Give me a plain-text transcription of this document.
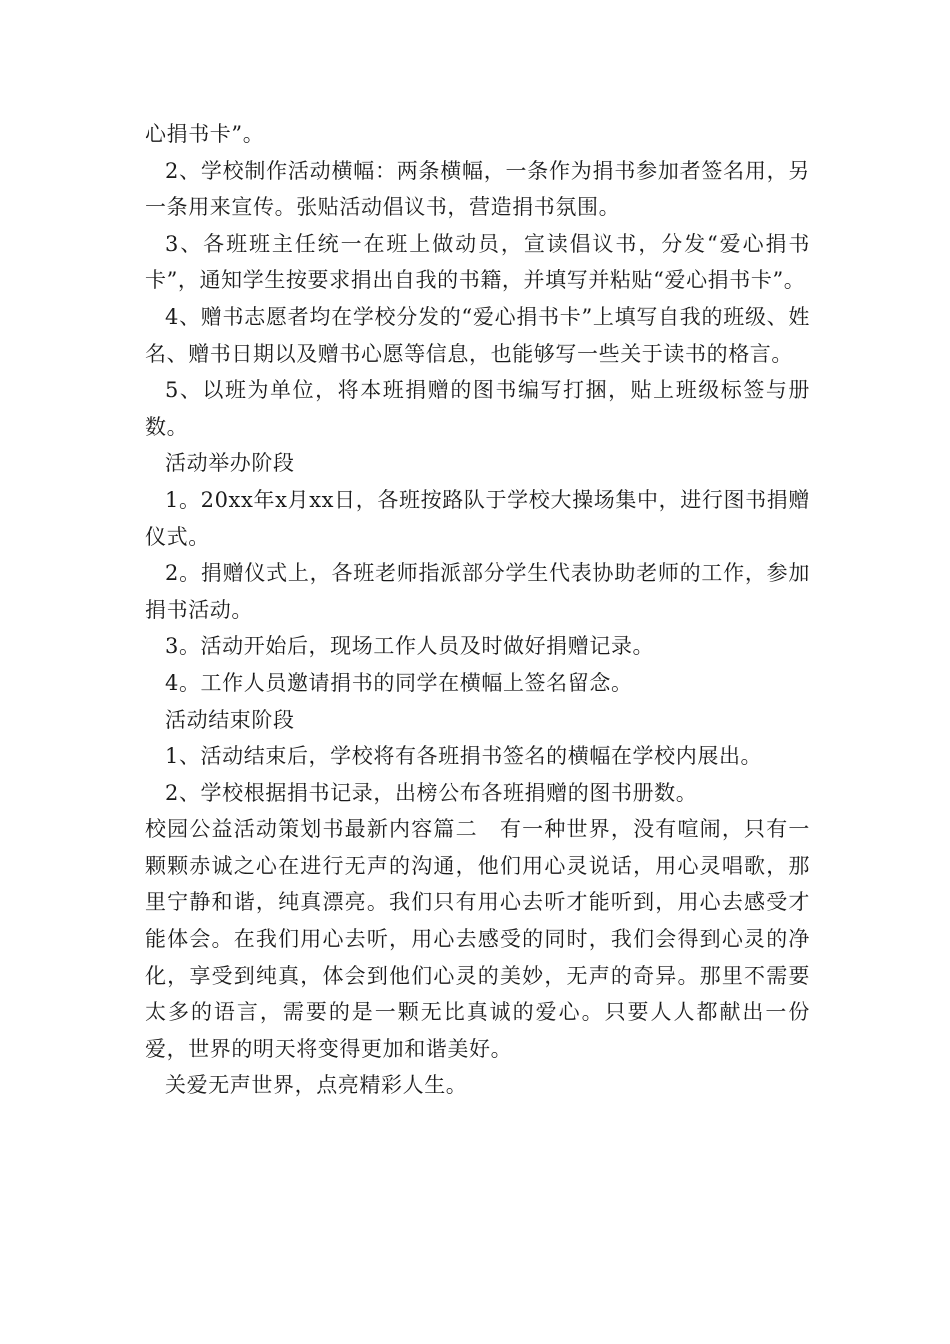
心捐书卡”。

2、学校制作活动横幅：两条横幅，一条作为捐书参加者签名用，另一条用来宣传。张贴活动倡议书，营造捐书氛围。

3、各班班主任统一在班上做动员，宣读倡议书，分发“爱心捐书卡”，通知学生按要求捐出自我的书籍，并填写并粘贴“爱心捐书卡”。

4、赠书志愿者均在学校分发的“爱心捐书卡”上填写自我的班级、姓名、赠书日期以及赠书心愿等信息，也能够写一些关于读书的格言。

5、以班为单位，将本班捐赠的图书编写打捆，贴上班级标签与册数。

活动举办阶段

1。20xx年x月xx日，各班按路队于学校大操场集中，进行图书捐赠仪式。

2。捐赠仪式上，各班老师指派部分学生代表协助老师的工作，参加捐书活动。

3。活动开始后，现场工作人员及时做好捐赠记录。

4。工作人员邀请捐书的同学在横幅上签名留念。

活动结束阶段

1、活动结束后，学校将有各班捐书签名的横幅在学校内展出。

2、学校根据捐书记录，出榜公布各班捐赠的图书册数。

校园公益活动策划书最新内容篇二　有一种世界，没有喧闹，只有一颗颗赤诚之心在进行无声的沟通，他们用心灵说话，用心灵唱歌，那里宁静和谐，纯真漂亮。我们只有用心去听才能听到，用心去感受才能体会。在我们用心去听，用心去感受的同时，我们会得到心灵的净化，享受到纯真，体会到他们心灵的美妙，无声的奇异。那里不需要太多的语言，需要的是一颗无比真诚的爱心。只要人人都献出一份爱，世界的明天将变得更加和谐美好。

关爱无声世界，点亮精彩人生。
